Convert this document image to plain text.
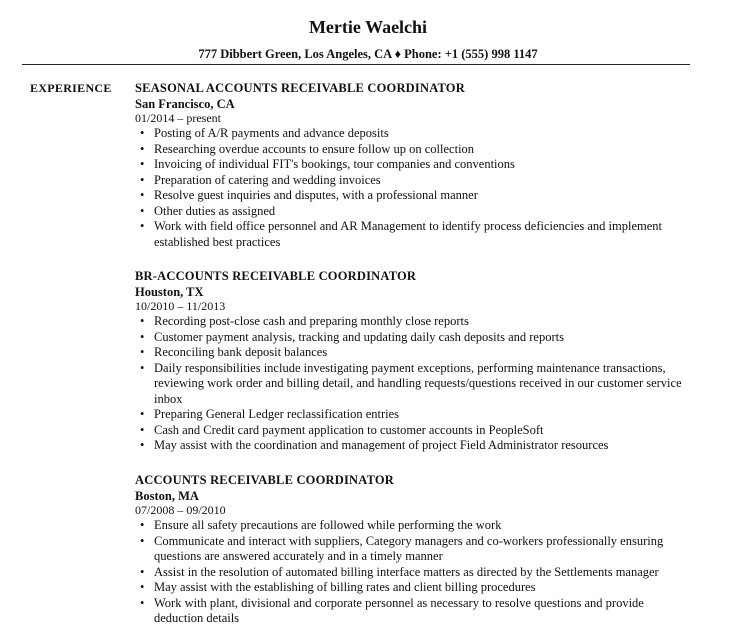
Mertie Waelchi
777 Dibbert Green, Los Angeles, CA ♦ Phone: +1 (555) 998 1147
EXPERIENCE SEASONAL ACCOUNTS RECEIVABLE COORDINATOR
San Francisco, CA
01/2014 – present
• Posting of A/R payments and advance deposits
• Researching overdue accounts to ensure follow up on collection
• Invoicing of individual FIT's bookings, tour companies and conventions
• Preparation of catering and wedding invoices
• Resolve guest inquiries and disputes, with a professional manner
• Other duties as assigned
• Work with field office personnel and AR Management to identify process deficiencies and implement established best practices
BR-ACCOUNTS RECEIVABLE COORDINATOR
Houston, TX
10/2010 – 11/2013
• Recording post-close cash and preparing monthly close reports
• Customer payment analysis, tracking and updating daily cash deposits and reports
• Reconciling bank deposit balances
• Daily responsibilities include investigating payment exceptions, performing maintenance transactions, reviewing work order and billing detail, and handling requests/questions received in our customer service inbox
• Preparing General Ledger reclassification entries
• Cash and Credit card payment application to customer accounts in PeopleSoft
• May assist with the coordination and management of project Field Administrator resources
ACCOUNTS RECEIVABLE COORDINATOR
Boston, MA
07/2008 – 09/2010
• Ensure all safety precautions are followed while performing the work
• Communicate and interact with suppliers, Category managers and co-workers professionally ensuring questions are answered accurately and in a timely manner
• Assist in the resolution of automated billing interface matters as directed by the Settlements manager
• May assist with the establishing of billing rates and client billing procedures
• Work with plant, divisional and corporate personnel as necessary to resolve questions and provide deduction details
